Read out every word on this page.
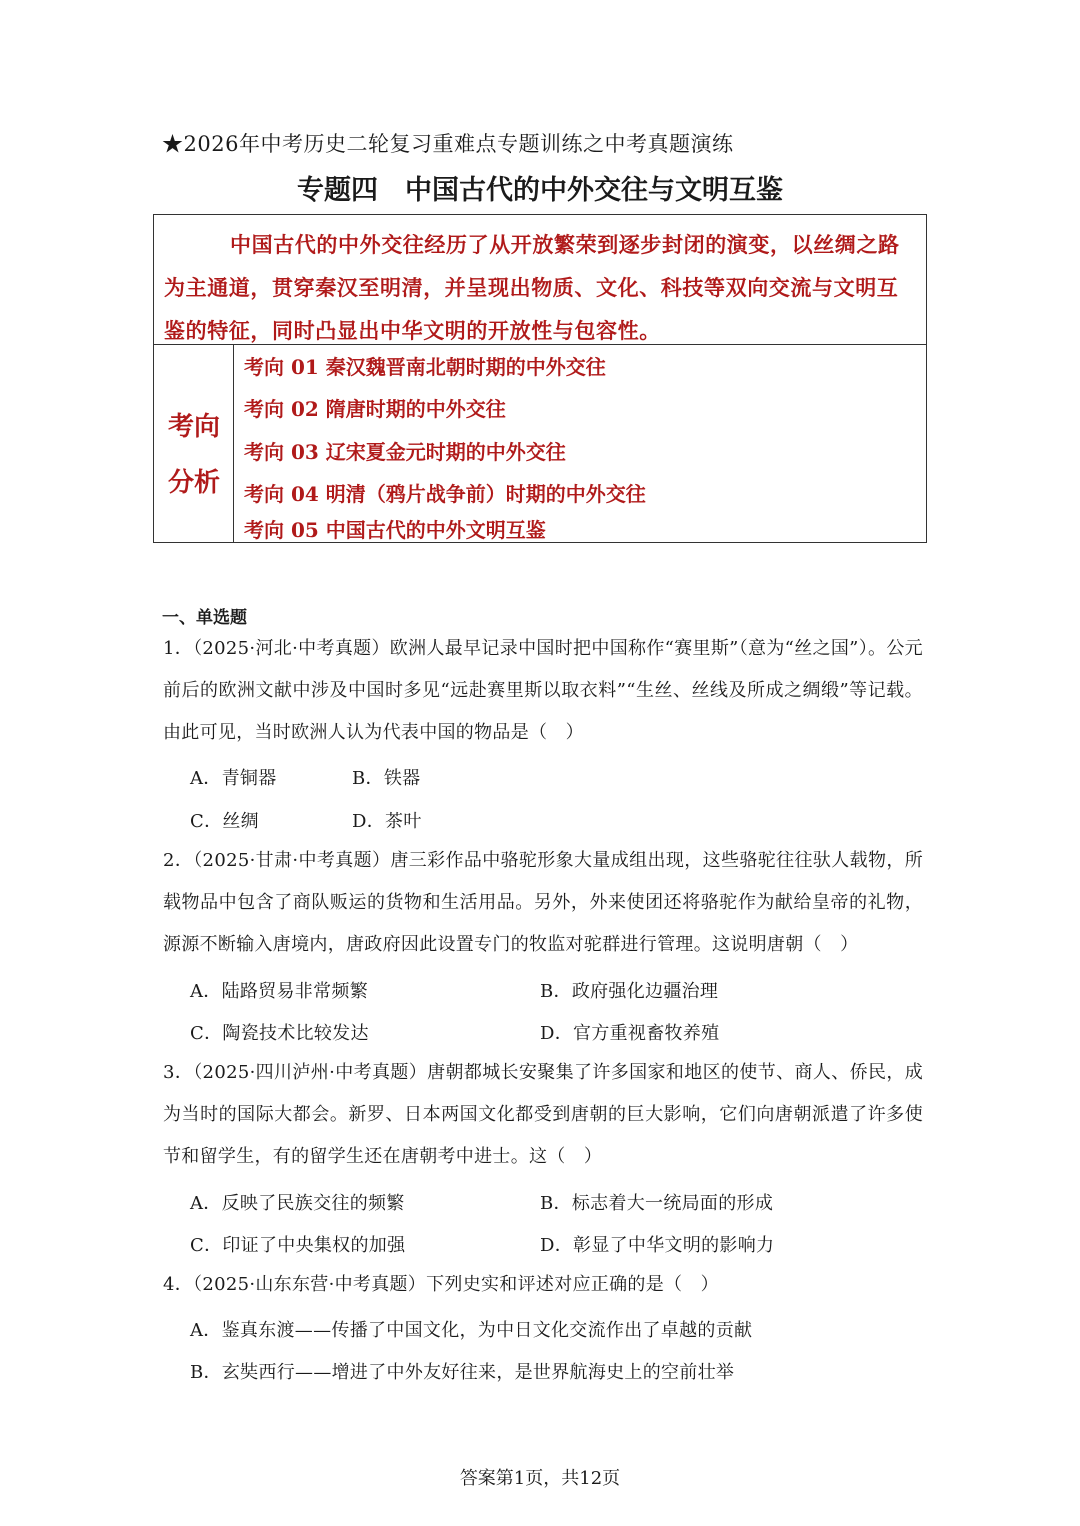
★2026年中考历史二轮复习重难点专题训练之中考真题演练
专题四　中国古代的中外交往与文明互鉴
中国古代的中外交往经历了从开放繁荣到逐步封闭的演变，以丝绸之路为主通道，贯穿秦汉至明清，并呈现出物质、文化、科技等双向交流与文明互鉴的特征，同时凸显出中华文明的开放性与包容性。
考向
分析
考向 01 秦汉魏晋南北朝时期的中外交往
考向 02 隋唐时期的中外交往
考向 03 辽宋夏金元时期的中外交往
考向 04 明清（鸦片战争前）时期的中外交往
考向 05 中国古代的中外文明互鉴
一、单选题
1．（2025·河北·中考真题）欧洲人最早记录中国时把中国称作“赛里斯”（意为“丝之国”）。公元前后的欧洲文献中涉及中国时多见“远赴赛里斯以取衣料”“生丝、丝线及所成之绸缎”等记载。由此可见，当时欧洲人认为代表中国的物品是（　）
A．青铜器	B．铁器
C．丝绸	D．茶叶
2．（2025·甘肃·中考真题）唐三彩作品中骆驼形象大量成组出现，这些骆驼往往驮人载物，所载物品中包含了商队贩运的货物和生活用品。另外，外来使团还将骆驼作为献给皇帝的礼物，源源不断输入唐境内，唐政府因此设置专门的牧监对驼群进行管理。这说明唐朝（　）
A．陆路贸易非常频繁	B．政府强化边疆治理
C．陶瓷技术比较发达	D．官方重视畜牧养殖
3．（2025·四川泸州·中考真题）唐朝都城长安聚集了许多国家和地区的使节、商人、侨民，成为当时的国际大都会。新罗、日本两国文化都受到唐朝的巨大影响，它们向唐朝派遣了许多使节和留学生，有的留学生还在唐朝考中进士。这（　）
A．反映了民族交往的频繁	B．标志着大一统局面的形成
C．印证了中央集权的加强	D．彰显了中华文明的影响力
4．（2025·山东东营·中考真题）下列史实和评述对应正确的是（　）
A．鉴真东渡——传播了中国文化，为中日文化交流作出了卓越的贡献
B．玄奘西行——增进了中外友好往来，是世界航海史上的空前壮举
答案第1页，共12页
